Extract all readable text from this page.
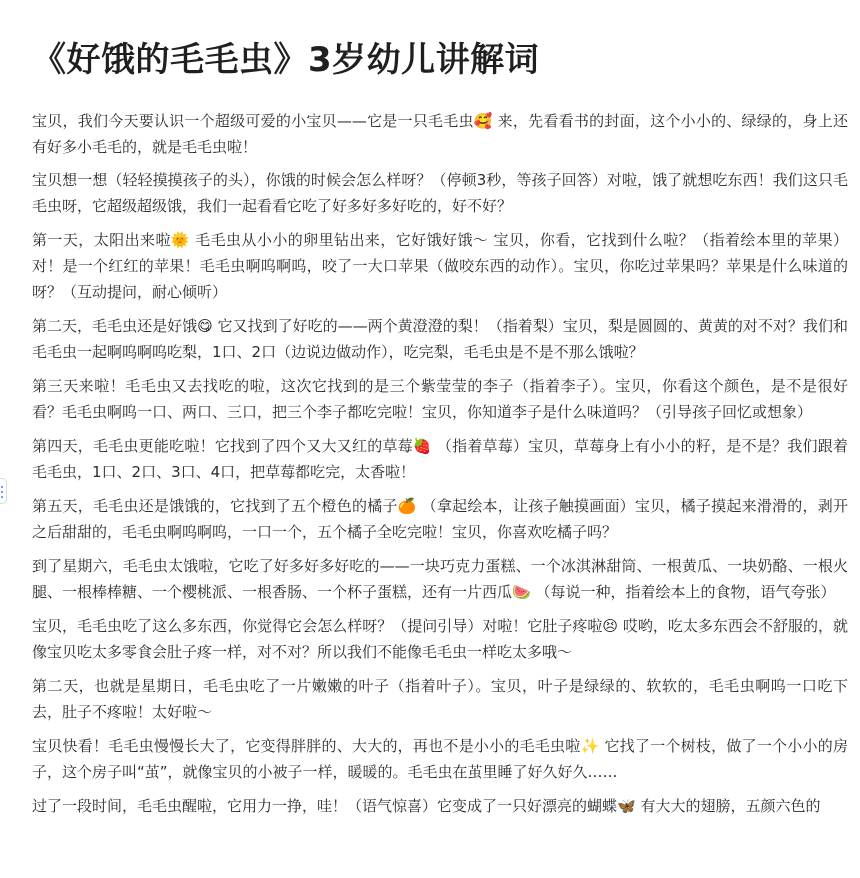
《好饿的毛毛虫》3岁幼儿讲解词

宝贝，我们今天要认识一个超级可爱的小宝贝——它是一只毛毛虫🥰 来，先看看书的封面，这个小小的、绿绿的，身上还有好多小毛毛的，就是毛毛虫啦！

宝贝想一想（轻轻摸摸孩子的头），你饿的时候会怎么样呀？（停顿3秒，等孩子回答）对啦，饿了就想吃东西！我们这只毛毛虫呀，它超级超级饿，我们一起看看它吃了好多好多好吃的，好不好？

第一天，太阳出来啦🌞 毛毛虫从小小的卵里钻出来，它好饿好饿～ 宝贝，你看，它找到什么啦？（指着绘本里的苹果）对！是一个红红的苹果！毛毛虫啊呜啊呜，咬了一大口苹果（做咬东西的动作）。宝贝，你吃过苹果吗？苹果是什么味道的呀？（互动提问，耐心倾听）

第二天，毛毛虫还是好饿😋 它又找到了好吃的——两个黄澄澄的梨！（指着梨）宝贝，梨是圆圆的、黄黄的对不对？我们和毛毛虫一起啊呜啊呜吃梨，1口、2口（边说边做动作），吃完梨，毛毛虫是不是不那么饿啦？

第三天来啦！毛毛虫又去找吃的啦，这次它找到的是三个紫莹莹的李子（指着李子）。宝贝，你看这个颜色，是不是很好看？毛毛虫啊呜一口、两口、三口，把三个李子都吃完啦！宝贝，你知道李子是什么味道吗？（引导孩子回忆或想象）

第四天，毛毛虫更能吃啦！它找到了四个又大又红的草莓🍓 （指着草莓）宝贝，草莓身上有小小的籽，是不是？我们跟着毛毛虫，1口、2口、3口、4口，把草莓都吃完，太香啦！

第五天，毛毛虫还是饿饿的，它找到了五个橙色的橘子🍊 （拿起绘本，让孩子触摸画面）宝贝，橘子摸起来滑滑的，剥开之后甜甜的，毛毛虫啊呜啊呜，一口一个，五个橘子全吃完啦！宝贝，你喜欢吃橘子吗？

到了星期六，毛毛虫太饿啦，它吃了好多好多好吃的——一块巧克力蛋糕、一个冰淇淋甜筒、一根黄瓜、一块奶酪、一根火腿、一根棒棒糖、一个樱桃派、一根香肠、一个杯子蛋糕，还有一片西瓜🍉 （每说一种，指着绘本上的食物，语气夸张）

宝贝，毛毛虫吃了这么多东西，你觉得它会怎么样呀？（提问引导）对啦！它肚子疼啦😣 哎哟，吃太多东西会不舒服的，就像宝贝吃太多零食会肚子疼一样，对不对？所以我们不能像毛毛虫一样吃太多哦～

第二天，也就是星期日，毛毛虫吃了一片嫩嫩的叶子（指着叶子）。宝贝，叶子是绿绿的、软软的，毛毛虫啊呜一口吃下去，肚子不疼啦！太好啦～

宝贝快看！毛毛虫慢慢长大了，它变得胖胖的、大大的，再也不是小小的毛毛虫啦✨ 它找了一个树枝，做了一个小小的房子，这个房子叫“茧”，就像宝贝的小被子一样，暖暖的。毛毛虫在茧里睡了好久好久……

过了一段时间，毛毛虫醒啦，它用力一挣，哇！（语气惊喜）它变成了一只好漂亮的蝴蝶🦋 有大大的翅膀，五颜六色的
